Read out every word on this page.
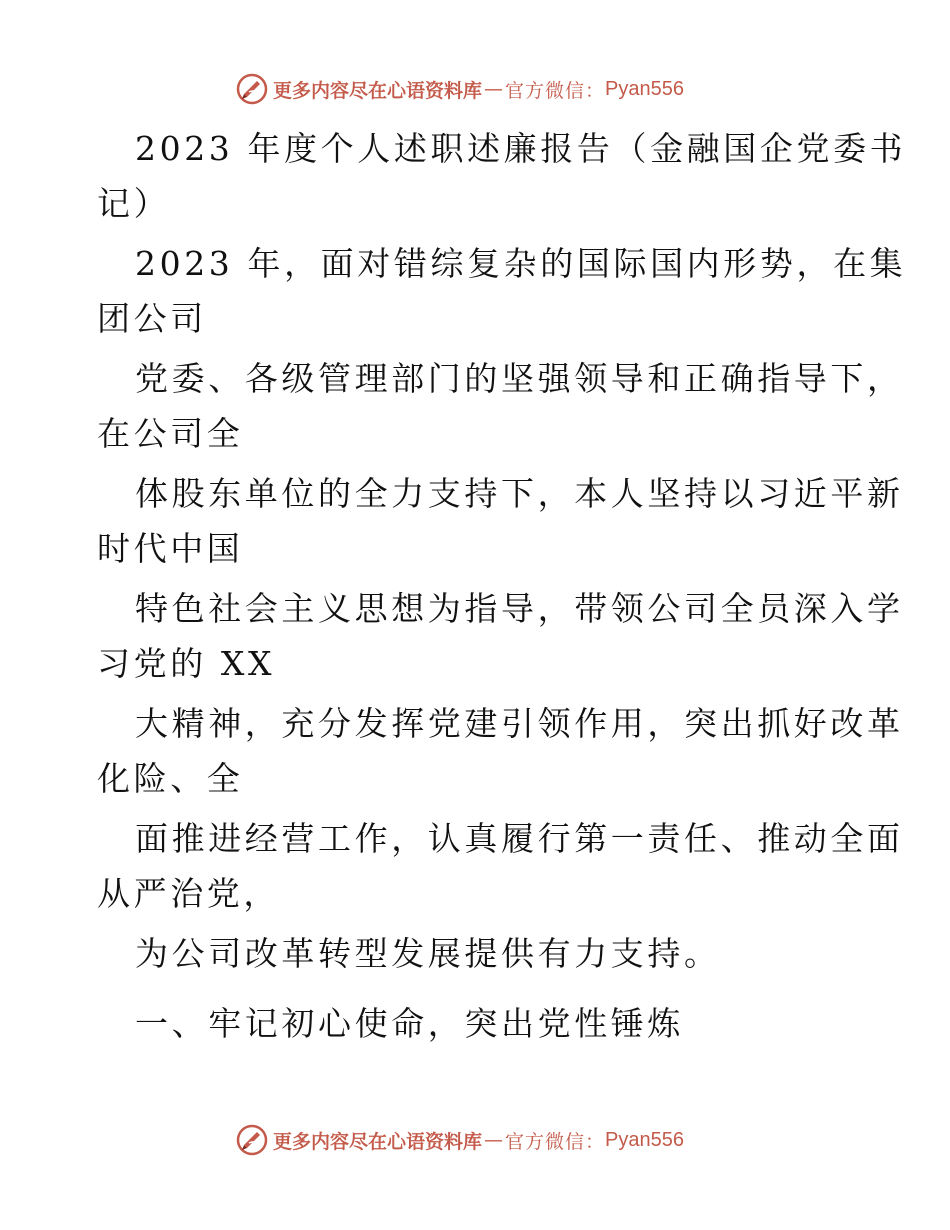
更多内容尽在心语资料库 — 官方微信： Pyan556

2023 年度个人述职述廉报告（金融国企党委书

记）

2023 年，面对错综复杂的国际国内形势，在集

团公司

党委、各级管理部门的坚强领导和正确指导下，

在公司全

体股东单位的全力支持下，本人坚持以习近平新

时代中国

特色社会主义思想为指导，带领公司全员深入学

习党的 XX

大精神，充分发挥党建引领作用，突出抓好改革

化险、全

面推进经营工作，认真履行第一责任、推动全面

从严治党，

为公司改革转型发展提供有力支持。

一、牢记初心使命，突出党性锤炼

更多内容尽在心语资料库 — 官方微信： Pyan556
